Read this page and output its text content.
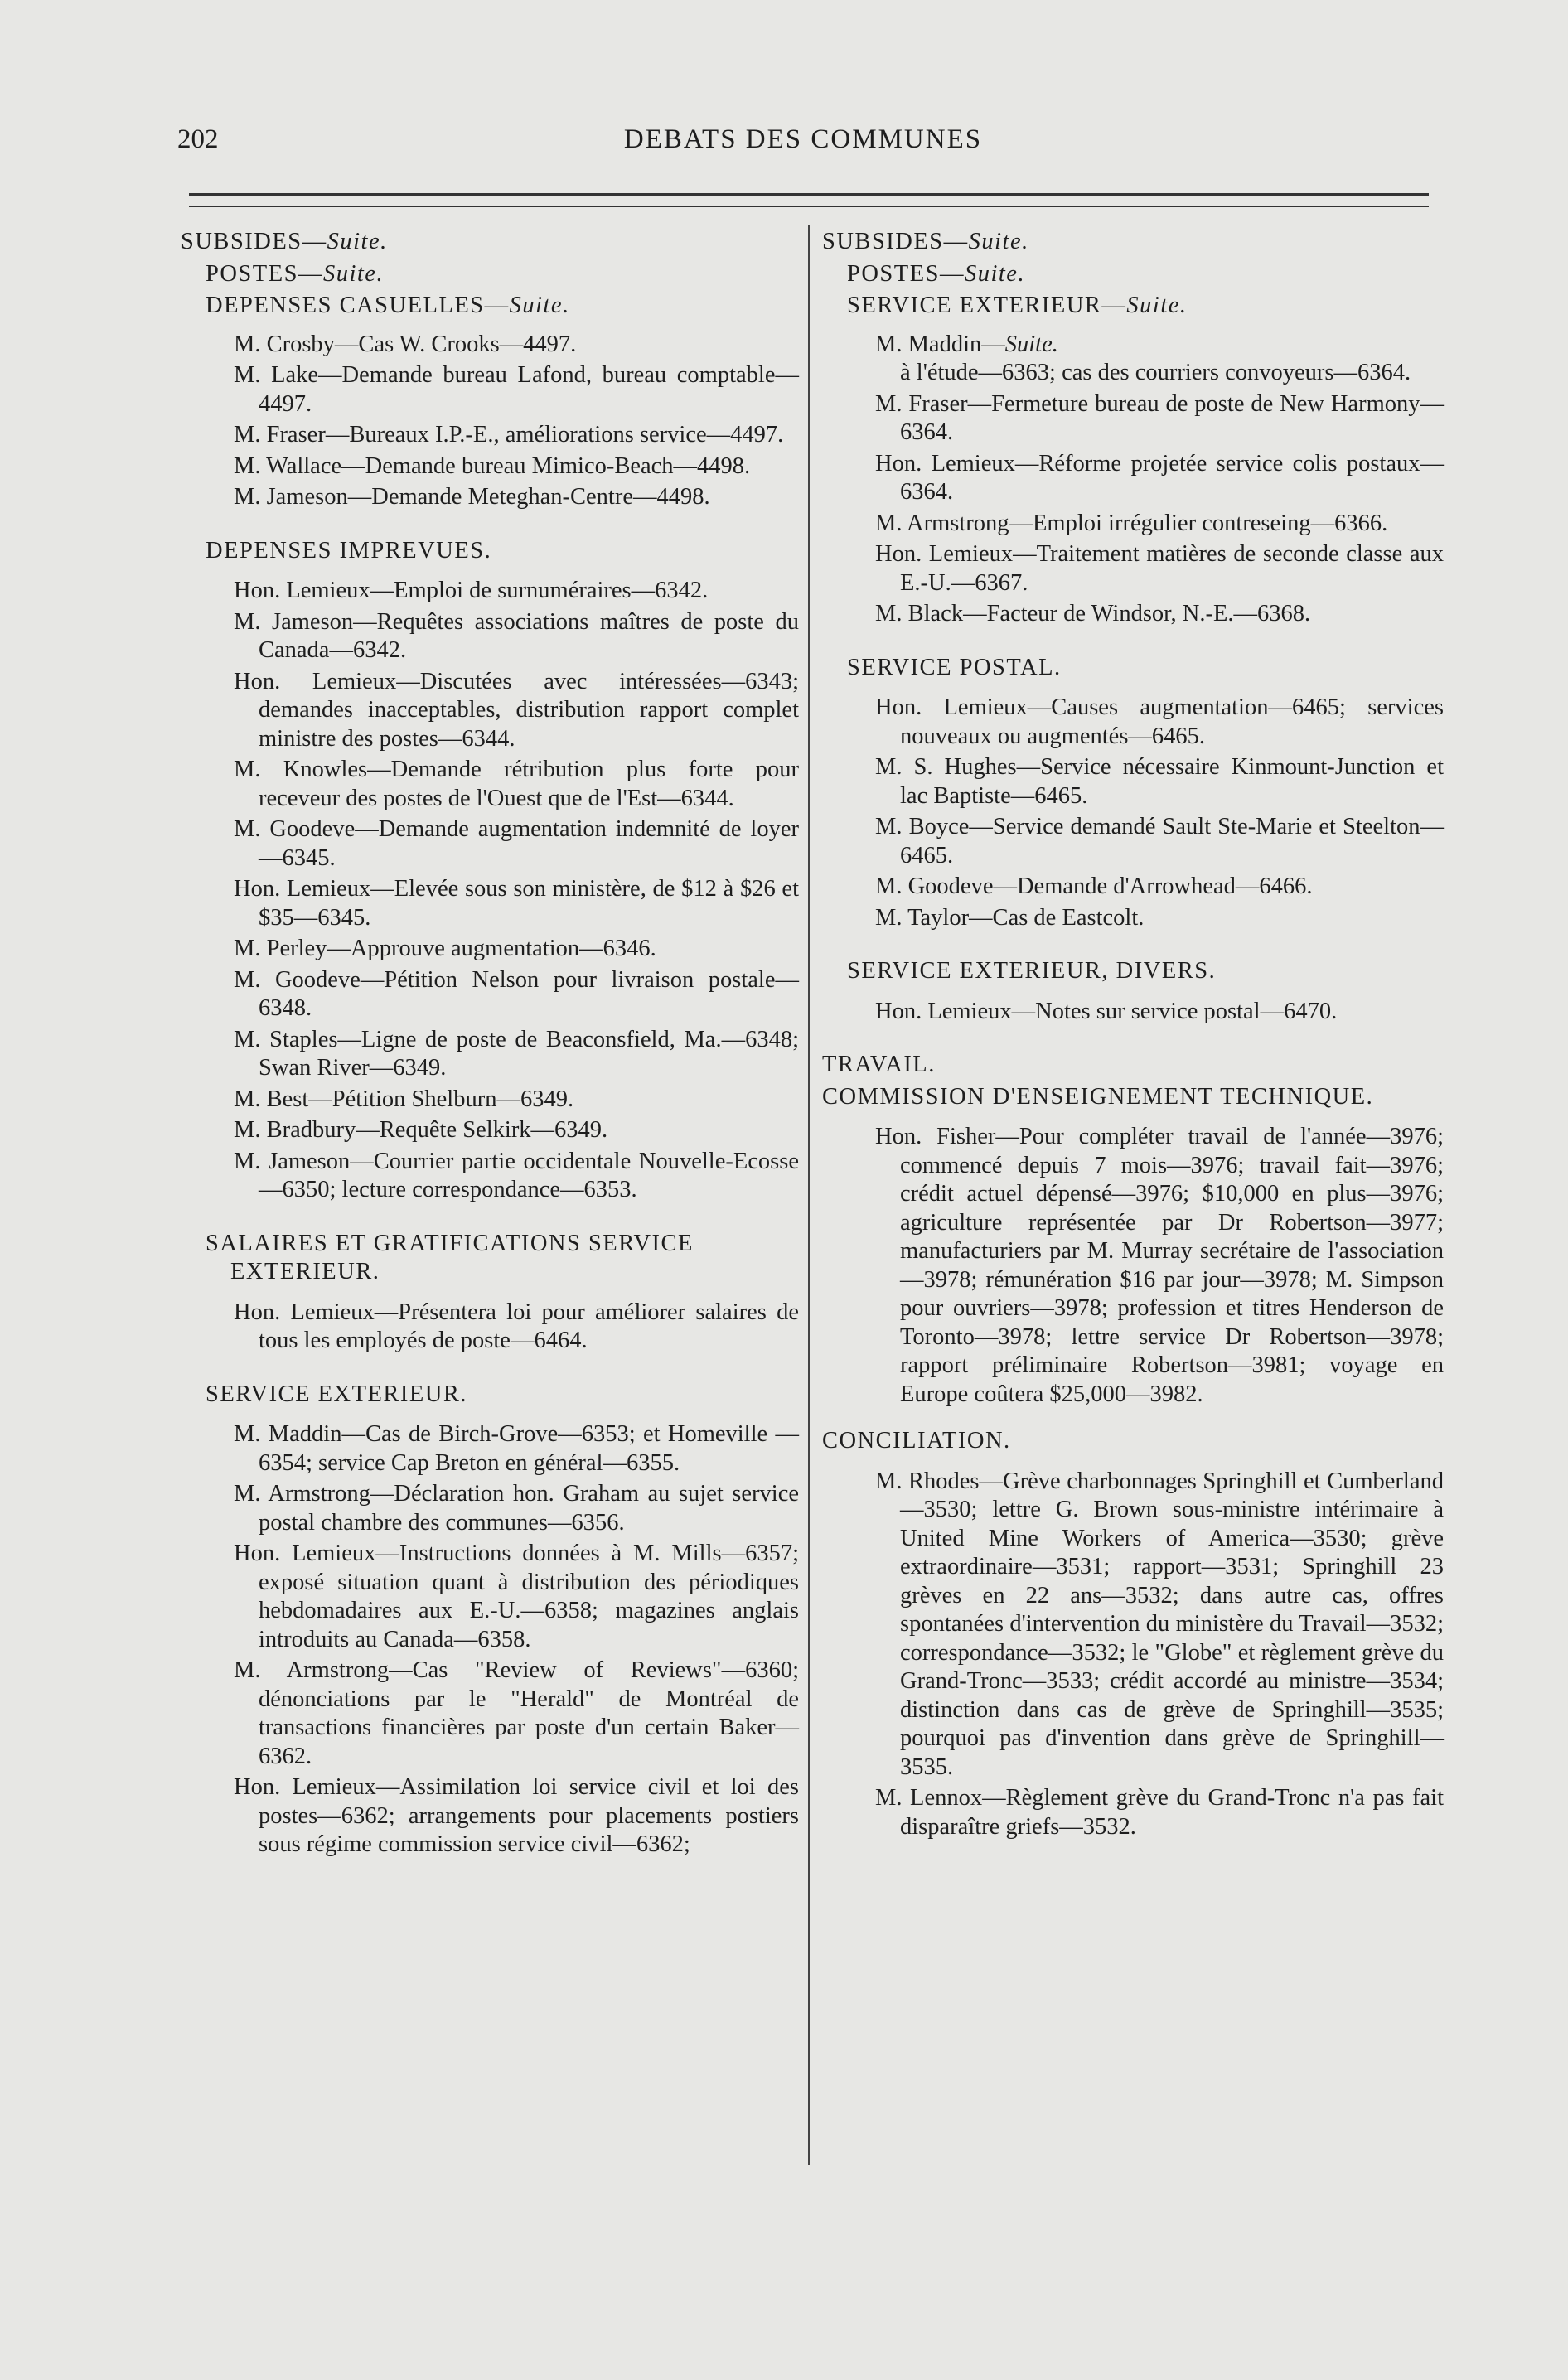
202	DEBATS DES COMMUNES

SUBSIDES—Suite.

POSTES—Suite.

DEPENSES CASUELLES—Suite.

M. Crosby—Cas W. Crooks—4497.

M. Lake—Demande bureau Lafond, bureau comptable—4497.

M. Fraser—Bureaux I.P.-E., améliorations service—4497.

M. Wallace—Demande bureau Mimico-Beach—4498.

M. Jameson—Demande Meteghan-Centre—4498.

DEPENSES IMPREVUES.

Hon. Lemieux—Emploi de surnuméraires—6342.

M. Jameson—Requêtes associations maîtres de poste du Canada—6342.

Hon. Lemieux—Discutées avec intéressées—6343; demandes inacceptables, distribution rapport complet ministre des postes—6344.

M. Knowles—Demande rétribution plus forte pour receveur des postes de l'Ouest que de l'Est—6344.

M. Goodeve—Demande augmentation indemnité de loyer—6345.

Hon. Lemieux—Elevée sous son ministère, de $12 à $26 et $35—6345.

M. Perley—Approuve augmentation—6346.

M. Goodeve—Pétition Nelson pour livraison postale—6348.

M. Staples—Ligne de poste de Beaconsfield, Ma.—6348; Swan River—6349.

M. Best—Pétition Shelburn—6349.

M. Bradbury—Requête Selkirk—6349.

M. Jameson—Courrier partie occidentale Nouvelle-Ecosse—6350; lecture correspondance—6353.

SALAIRES ET GRATIFICATIONS SERVICE EXTERIEUR.

Hon. Lemieux—Présentera loi pour améliorer salaires de tous les employés de poste—6464.

SERVICE EXTERIEUR.

M. Maddin—Cas de Birch-Grove—6353; et Homeville — 6354; service Cap Breton en général—6355.

M. Armstrong—Déclaration hon. Graham au sujet service postal chambre des communes—6356.

Hon. Lemieux—Instructions données à M. Mills—6357; exposé situation quant à distribution des périodiques hebdomadaires aux E.-U.—6358; magazines anglais introduits au Canada—6358.

M. Armstrong—Cas "Review of Reviews"—6360; dénonciations par le "Herald" de Montréal de transactions financières par poste d'un certain Baker—6362.

Hon. Lemieux—Assimilation loi service civil et loi des postes—6362; arrangements pour placements postiers sous régime commission service civil—6362;

SUBSIDES—Suite.

POSTES—Suite.

SERVICE EXTERIEUR—Suite.

M. Maddin—Suite.

à l'étude—6363; cas des courriers convoyeurs—6364.

M. Fraser—Fermeture bureau de poste de New Harmony—6364.

Hon. Lemieux—Réforme projetée service colis postaux—6364.

M. Armstrong—Emploi irrégulier contreseing—6366.

Hon. Lemieux—Traitement matières de seconde classe aux E.-U.—6367.

M. Black—Facteur de Windsor, N.-E.—6368.

SERVICE POSTAL.

Hon. Lemieux—Causes augmentation—6465; services nouveaux ou augmentés—6465.

M. S. Hughes—Service nécessaire Kinmount-Junction et lac Baptiste—6465.

M. Boyce—Service demandé Sault Ste-Marie et Steelton—6465.

M. Goodeve—Demande d'Arrowhead—6466.

M. Taylor—Cas de Eastcolt.

SERVICE EXTERIEUR, DIVERS.

Hon. Lemieux—Notes sur service postal—6470.

TRAVAIL.

COMMISSION D'ENSEIGNEMENT TECHNIQUE.

Hon. Fisher—Pour compléter travail de l'année—3976; commencé depuis 7 mois—3976; travail fait—3976; crédit actuel dépensé—3976; $10,000 en plus—3976; agriculture représentée par Dr Robertson—3977; manufacturiers par M. Murray secrétaire de l'association—3978; rémunération $16 par jour—3978; M. Simpson pour ouvriers—3978; profession et titres Henderson de Toronto—3978; lettre service Dr Robertson—3978; rapport préliminaire Robertson—3981; voyage en Europe coûtera $25,000—3982.

CONCILIATION.

M. Rhodes—Grève charbonnages Springhill et Cumberland—3530; lettre G. Brown sous-ministre intérimaire à United Mine Workers of America—3530; grève extraordinaire—3531; rapport—3531; Springhill 23 grèves en 22 ans—3532; dans autre cas, offres spontanées d'intervention du ministère du Travail—3532; correspondance—3532; le "Globe" et règlement grève du Grand-Tronc—3533; crédit accordé au ministre—3534; distinction dans cas de grève de Springhill—3535; pourquoi pas d'invention dans grève de Springhill—3535.

M. Lennox—Règlement grève du Grand-Tronc n'a pas fait disparaître griefs—3532.
